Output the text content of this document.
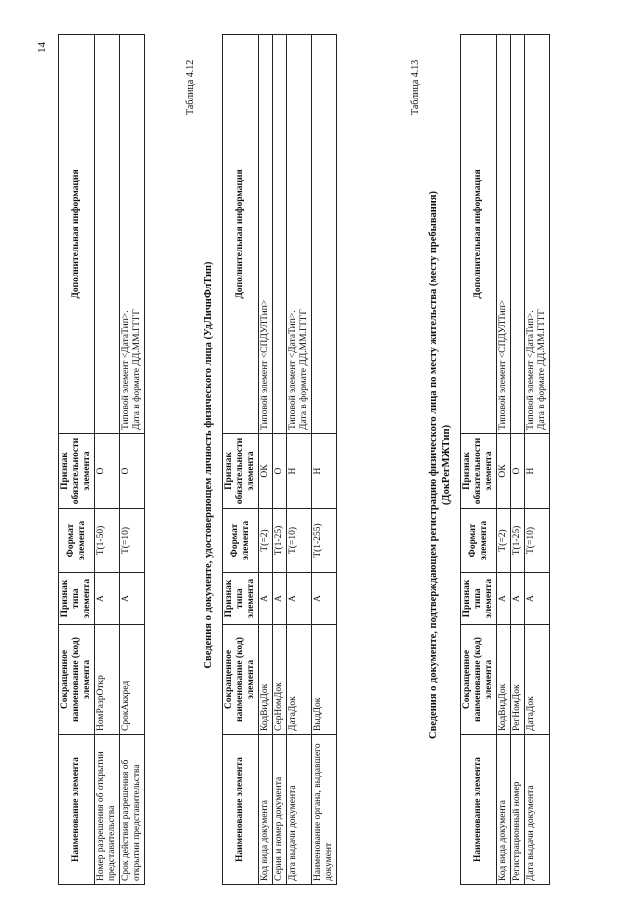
14
Наименование элемента	Сокращенное наименование (код) элемента	Признак типа элемента	Формат элемента	Признак обязательности элемента	Дополнительная информация
Номер разрешения об открытии представительства	НомРазрОткр	А	Т(1-50)	О	
Срок действия разрешения об открытии представительства	СрокАккред	А	Т(=10)	О	Типовой элемент <ДатаТип>.
Дата в формате ДД.ММ.ГГГГ
Таблица 4.12
Сведения о документе, удостоверяющем личность физического лица (УдЛичнФлТип)
Наименование элемента	Сокращенное наименование (код) элемента	Признак типа элемента	Формат элемента	Признак обязательности элемента	Дополнительная информация
Код вида документа	КодВидДок	А	Т(=2)	ОК	Типовой элемент <СПДУЛТип>
Серия и номер документа	СерНомДок	А	Т(1-25)	О	
Дата выдачи документа	ДатаДок	А	Т(=10)	Н	Типовой элемент <ДатаТип>.
Дата в формате ДД.ММ.ГГГГ
Наименование органа, выдавшего документ	ВыдДок	А	Т(1-255)	Н	
Таблица 4.13
Сведения о документе, подтверждающем регистрацию физического лица по месту жительства (месту пребывания) (ДокРегМЖТип)
Наименование элемента	Сокращенное наименование (код) элемента	Признак типа элемента	Формат элемента	Признак обязательности элемента	Дополнительная информация
Код вида документа	КодВидДок	А	Т(=2)	ОК	Типовой элемент <СПДУЛТип>
Регистрационный номер	РегНомДок	А	Т(1-25)	О	
Дата выдачи документа	ДатаДок	А	Т(=10)	Н	Типовой элемент <ДатаТип>.
Дата в формате ДД.ММ.ГГГГ
